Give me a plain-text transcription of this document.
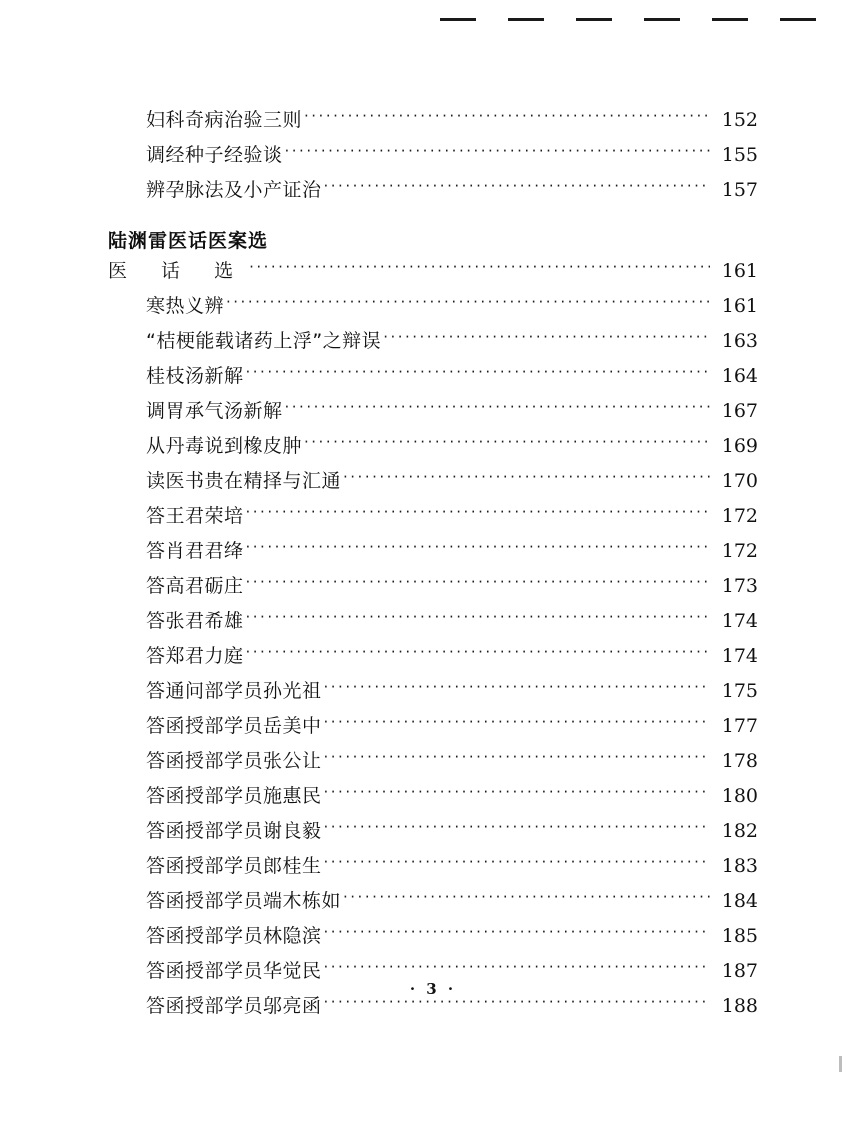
妇科奇病治验三则 ·····	152
调经种子经验谈 ·····	155
辨孕脉法及小产证治 ·····	157
陆渊雷医话医案选
医 话 选 ·····	161
寒热义辨 ·····	161
“桔梗能载诸药上浮”之辩误 ·····	163
桂枝汤新解 ·····	164
调胃承气汤新解 ·····	167
从丹毒说到橡皮肿 ·····	169
读医书贵在精择与汇通 ·····	170
答王君荣培 ·····	172
答肖君君绛 ·····	172
答高君砺庄 ·····	173
答张君希雄 ·····	174
答郑君力庭 ·····	174
答通问部学员孙光祖 ·····	175
答函授部学员岳美中 ·····	177
答函授部学员张公让 ·····	178
答函授部学员施惠民 ·····	180
答函授部学员谢良毅 ·····	182
答函授部学员郎桂生 ·····	183
答函授部学员端木栋如 ·····	184
答函授部学员林隐滨 ·····	185
答函授部学员华觉民 ·····	187
答函授部学员邬亮函 ·····	188
· 3 ·
